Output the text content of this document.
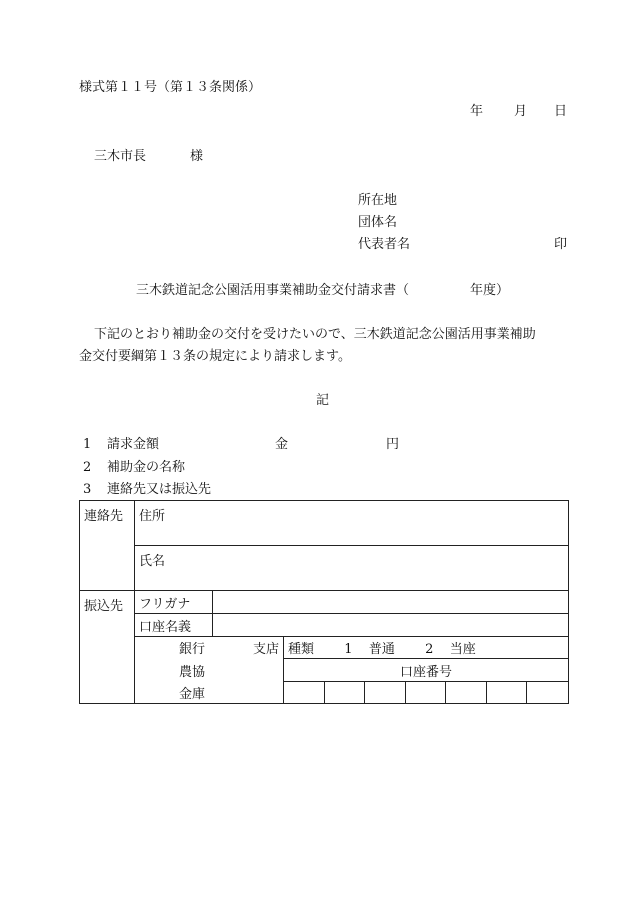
様式第１１号（第１３条関係）
年 月 日
三木市長	様
所在地
団体名
代表者名	印
三木鉄道記念公園活用事業補助金交付請求書（	年度）
下記のとおり補助金の交付を受けたいので、三木鉄道記念公園活用事業補助
金交付要綱第１３条の規定により請求します。
記
1 請求金額	金	円
2 補助金の名称
3 連絡先又は振込先
連絡先	住所								
	氏名								
振込先	フリガナ								
	口座名義								

	銀行 支店		種類 1 普通 2 当座						
	農協		口座番号						
	金庫								
